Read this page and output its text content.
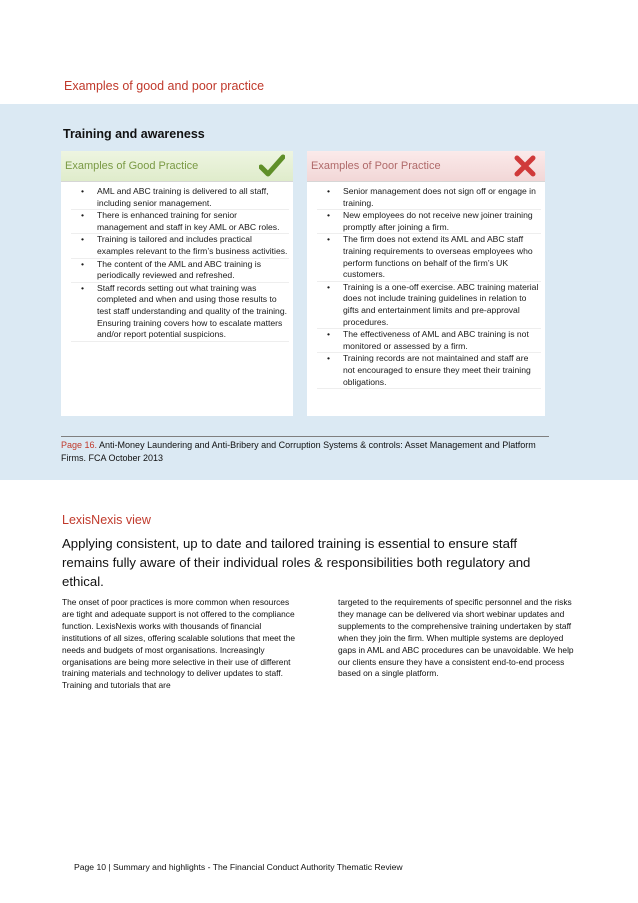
Examples of good and poor practice
Training and awareness
Examples of Good Practice
• AML and ABC training is delivered to all staff, including senior management.
• There is enhanced training for senior management and staff in key AML or ABC roles.
• Training is tailored and includes practical examples relevant to the firm’s business activities.
• The content of the AML and ABC training is periodically reviewed and refreshed.
• Staff records setting out what training was completed and when and using those results to test staff understanding and quality of the training. Ensuring training covers how to escalate matters and/or report potential suspicions.
Examples of Poor Practice
• Senior management does not sign off or engage in training.
• New employees do not receive new joiner training promptly after joining a firm.
• The firm does not extend its AML and ABC staff training requirements to overseas employees who perform functions on behalf of the firm’s UK customers.
• Training is a one-off exercise. ABC training material does not include training guidelines in relation to gifts and entertainment limits and pre-approval procedures.
• The effectiveness of AML and ABC training is not monitored or assessed by a firm.
• Training records are not maintained and staff are not encouraged to ensure they meet their training obligations.
Page 16. Anti-Money Laundering and Anti-Bribery and Corruption Systems & controls: Asset Management and Platform Firms. FCA October 2013
LexisNexis view
Applying consistent, up to date and tailored training is essential to ensure staff remains fully aware of their individual roles & responsibilities both regulatory and ethical.
The onset of poor practices is more common when resources are tight and adequate support is not offered to the compliance function. LexisNexis works with thousands of financial institutions of all sizes, offering scalable solutions that meet the needs and budgets of most organisations. Increasingly organisations are being more selective in their use of different training materials and technology to deliver updates to staff. Training and tutorials that are
targeted to the requirements of specific personnel and the risks they manage can be delivered via short webinar updates and supplements to the comprehensive training undertaken by staff when they join the firm. When multiple systems are deployed gaps in AML and ABC procedures can be unavoidable. We help our clients ensure they have a consistent end-to-end process based on a single platform.
Page 10 | Summary and highlights - The Financial Conduct Authority Thematic Review
